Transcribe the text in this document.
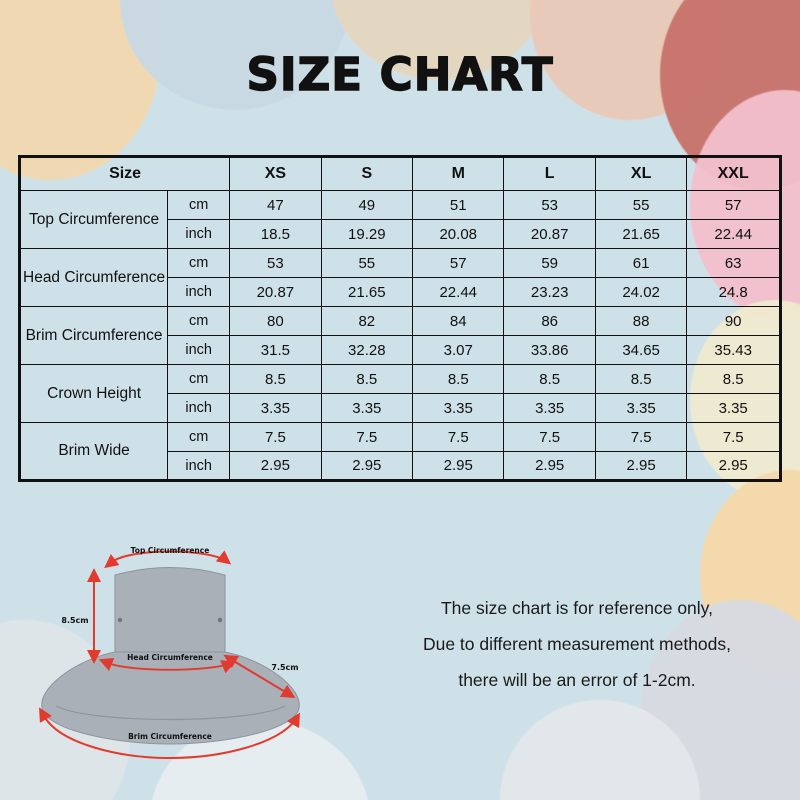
SIZE CHART
Size		XS	S	M	L	XL	XXL
Top Circumference	cm	47	49	51	53	55	57
	inch	18.5	19.29	20.08	20.87	21.65	22.44
Head Circumference	cm	53	55	57	59	61	63
	inch	20.87	21.65	22.44	23.23	24.02	24.8
Brim Circumference	cm	80	82	84	86	88	90
	inch	31.5	32.28	3.07	33.86	34.65	35.43
Crown Height	cm	8.5	8.5	8.5	8.5	8.5	8.5
	inch	3.35	3.35	3.35	3.35	3.35	3.35
Brim Wide	cm	7.5	7.5	7.5	7.5	7.5	7.5
	inch	2.95	2.95	2.95	2.95	2.95	2.95
Top Circumference
8.5cm
Head Circumference
7.5cm
Brim Circumference
The size chart is for reference only,
Due to different measurement methods,
there will be an error of 1-2cm.
